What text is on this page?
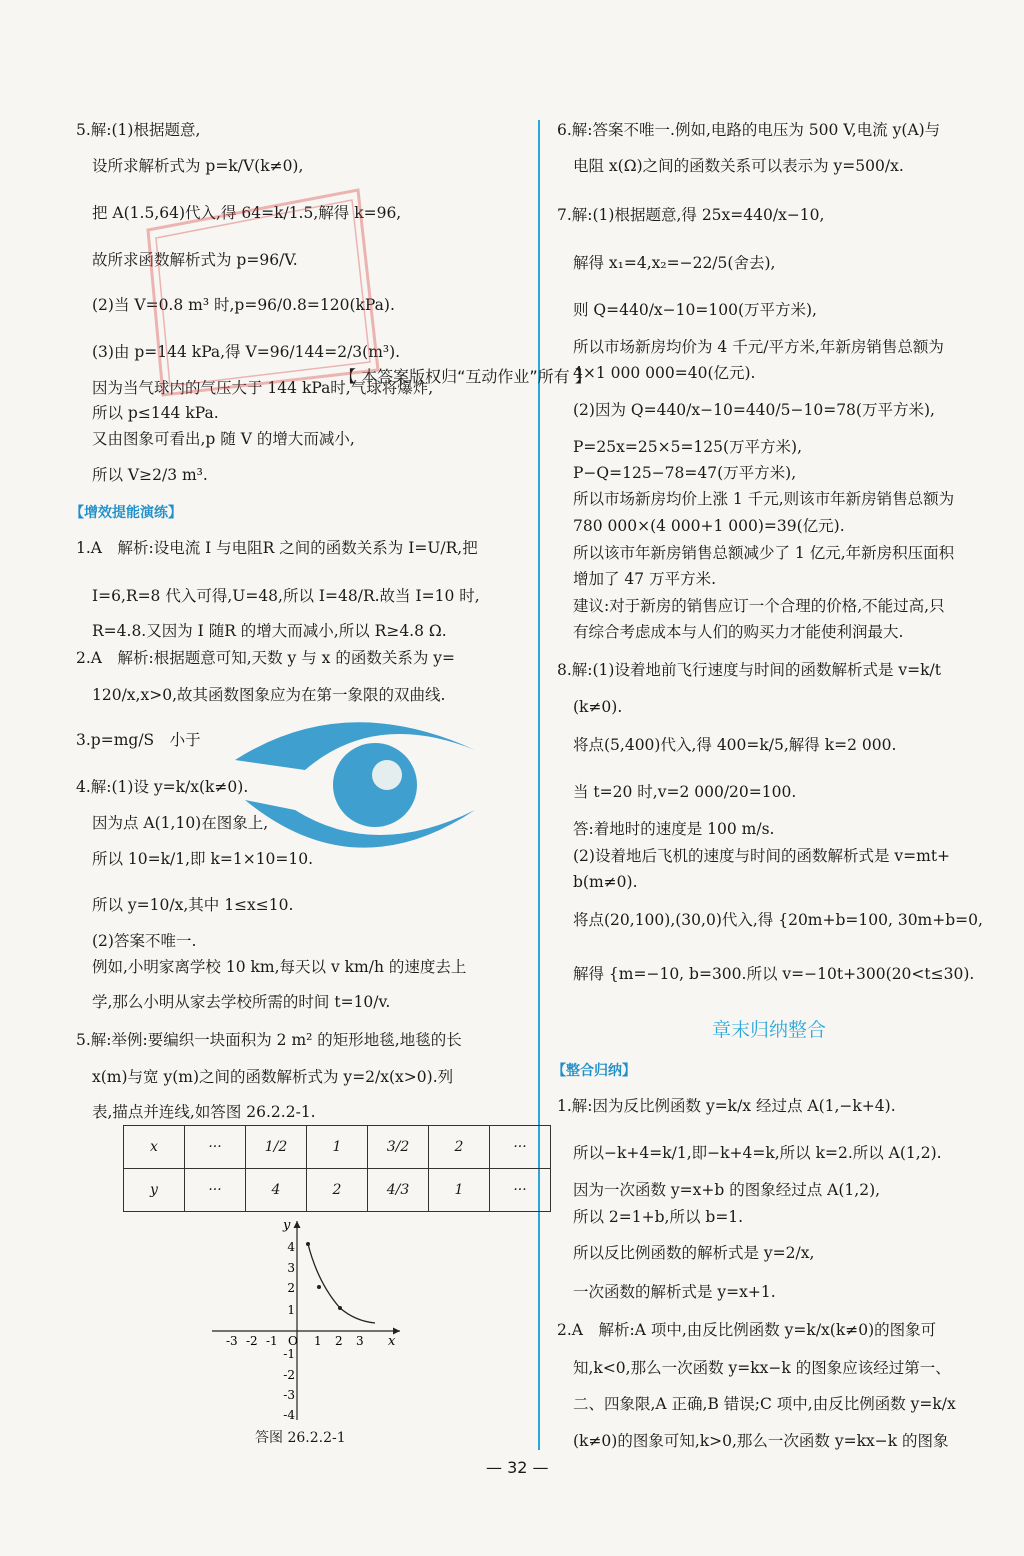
5.解:(1)根据题意,
设所求解析式为 p=k/V(k≠0),
把 A(1.5,64)代入,得 64=k/1.5,解得 k=96,
故所求函数解析式为 p=96/V.
(2)当 V=0.8 m³ 时,p=96/0.8=120(kPa).
(3)由 p=144 kPa,得 V=96/144=2/3(m³).
因为当气球内的气压大于 144 kPa时,气球将爆炸,
所以 p≤144 kPa.
又由图象可看出,p 随 V 的增大而减小,
所以 V≥2/3 m³.
【增效提能演练】
1.A　解析:设电流 I 与电阻R 之间的函数关系为 I=U/R,把
I=6,R=8 代入可得,U=48,所以 I=48/R.故当 I=10 时,
R=4.8.又因为 I 随R 的增大而减小,所以 R≥4.8 Ω.
2.A　解析:根据题意可知,天数 y 与 x 的函数关系为 y=
120/x,x>0,故其函数图象应为在第一象限的双曲线.
3.p=mg/S　小于
4.解:(1)设 y=k/x(k≠0).
因为点 A(1,10)在图象上,
所以 10=k/1,即 k=1×10=10.
所以 y=10/x,其中 1≤x≤10.
(2)答案不唯一.
例如,小明家离学校 10 km,每天以 v km/h 的速度去上
学,那么小明从家去学校所需的时间 t=10/v.
5.解:举例:要编织一块面积为 2 m² 的矩形地毯,地毯的长
x(m)与宽 y(m)之间的函数解析式为 y=2/x(x>0).列
表,描点并连线,如答图 26.2.2-1.
x	···	1/2	1	3/2	2	···
y	···	4	2	4/3	1	···
x
y
-3 -2 -1 O 1 2 3
4
3
2
1
-1
-2
-3
-4
答图 26.2.2-1
6.解:答案不唯一.例如,电路的电压为 500 V,电流 y(A)与
电阻 x(Ω)之间的函数关系可以表示为 y=500/x.
7.解:(1)根据题意,得 25x=440/x−10,
解得 x₁=4,x₂=−22/5(舍去),
则 Q=440/x−10=100(万平方米),
所以市场新房均价为 4 千元/平方米,年新房销售总额为
4×1 000 000=40(亿元).
(2)因为 Q=440/x−10=440/5−10=78(万平方米),
P=25x=25×5=125(万平方米),
P−Q=125−78=47(万平方米),
所以市场新房均价上涨 1 千元,则该市年新房销售总额为
780 000×(4 000+1 000)=39(亿元).
所以该市年新房销售总额减少了 1 亿元,年新房积压面积
增加了 47 万平方米.
建议:对于新房的销售应订一个合理的价格,不能过高,只
有综合考虑成本与人们的购买力才能使利润最大.
8.解:(1)设着地前飞行速度与时间的函数解析式是 v=k/t
(k≠0).
将点(5,400)代入,得 400=k/5,解得 k=2 000.
当 t=20 时,v=2 000/20=100.
答:着地时的速度是 100 m/s.
(2)设着地后飞机的速度与时间的函数解析式是 v=mt+
b(m≠0).
将点(20,100),(30,0)代入,得 {20m+b=100, 30m+b=0,
解得 {m=−10, b=300.所以 v=−10t+300(20<t≤30).
章末归纳整合
【整合归纳】
1.解:因为反比例函数 y=k/x 经过点 A(1,−k+4).
所以−k+4=k/1,即−k+4=k,所以 k=2.所以 A(1,2).
因为一次函数 y=x+b 的图象经过点 A(1,2),
所以 2=1+b,所以 b=1.
所以反比例函数的解析式是 y=2/x,
一次函数的解析式是 y=x+1.
2.A　解析:A 项中,由反比例函数 y=k/x(k≠0)的图象可
知,k<0,那么一次函数 y=kx−k 的图象应该经过第一、
二、四象限,A 正确,B 错误;C 项中,由反比例函数 y=k/x
(k≠0)的图象可知,k>0,那么一次函数 y=kx−k 的图象
【 本答案版权归“互动作业”所有 】
— 32 —
